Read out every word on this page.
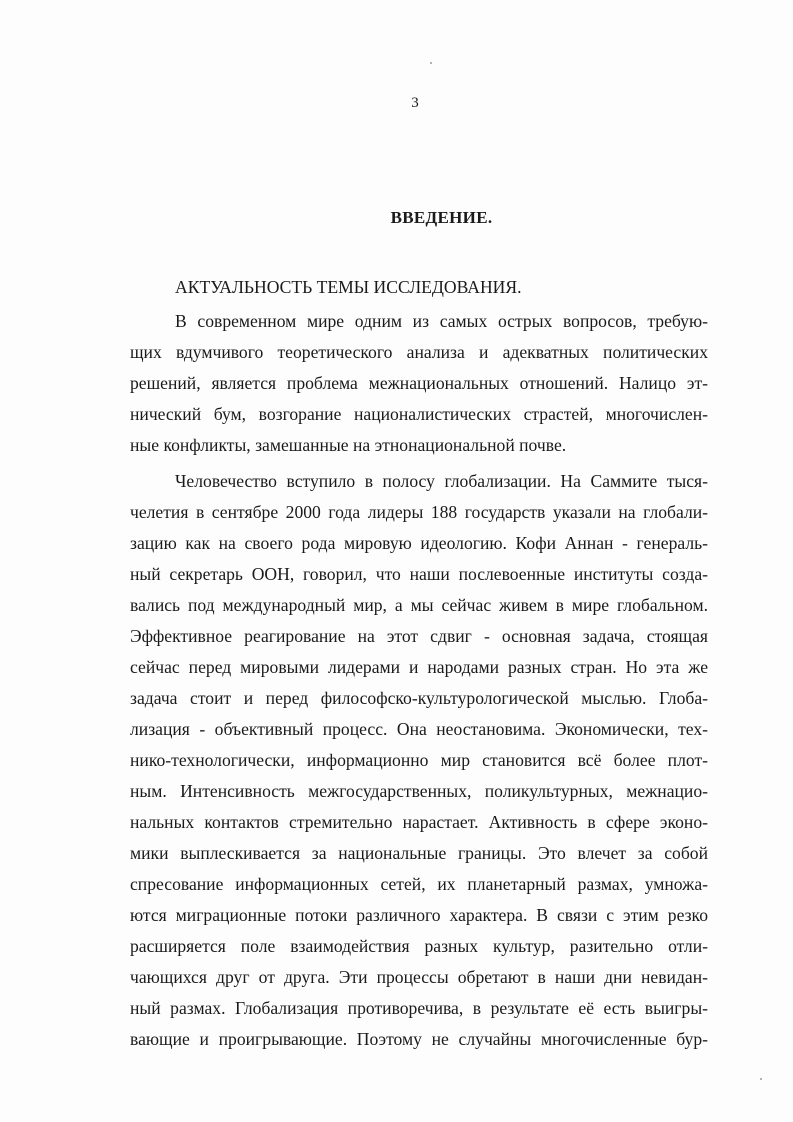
3
ВВЕДЕНИЕ.
АКТУАЛЬНОСТЬ ТЕМЫ ИССЛЕДОВАНИЯ.
В современном мире одним из самых острых вопросов, требую-
щих вдумчивого теоретического анализа и адекватных политических
решений, является проблема межнациональных отношений. Налицо эт-
нический бум, возгорание националистических страстей, многочислен-
ные конфликты, замешанные на этнонациональной почве.
Человечество вступило в полосу глобализации. На Саммите тыся-
челетия в сентябре 2000 года лидеры 188 государств указали на глобали-
зацию как на своего рода мировую идеологию. Кофи Аннан - генераль-
ный секретарь ООН, говорил, что наши послевоенные институты созда-
вались под международный мир, а мы сейчас живем в мире глобальном.
Эффективное реагирование на этот сдвиг - основная задача, стоящая
сейчас перед мировыми лидерами и народами разных стран. Но эта же
задача стоит и перед философско-культурологической мыслью. Глоба-
лизация - объективный процесс. Она неостановима. Экономически, тех-
нико-технологически, информационно мир становится всё более плот-
ным. Интенсивность межгосударственных, поликультурных, межнацио-
нальных контактов стремительно нарастает. Активность в сфере эконо-
мики выплескивается за национальные границы. Это влечет за собой
спресование информационных сетей, их планетарный размах, умножа-
ются миграционные потоки различного характера. В связи с этим резко
расширяется поле взаимодействия разных культур, разительно отли-
чающихся друг от друга. Эти процессы обретают в наши дни невидан-
ный размах. Глобализация противоречива, в результате её есть выигры-
вающие и проигрывающие. Поэтому не случайны многочисленные бур-
